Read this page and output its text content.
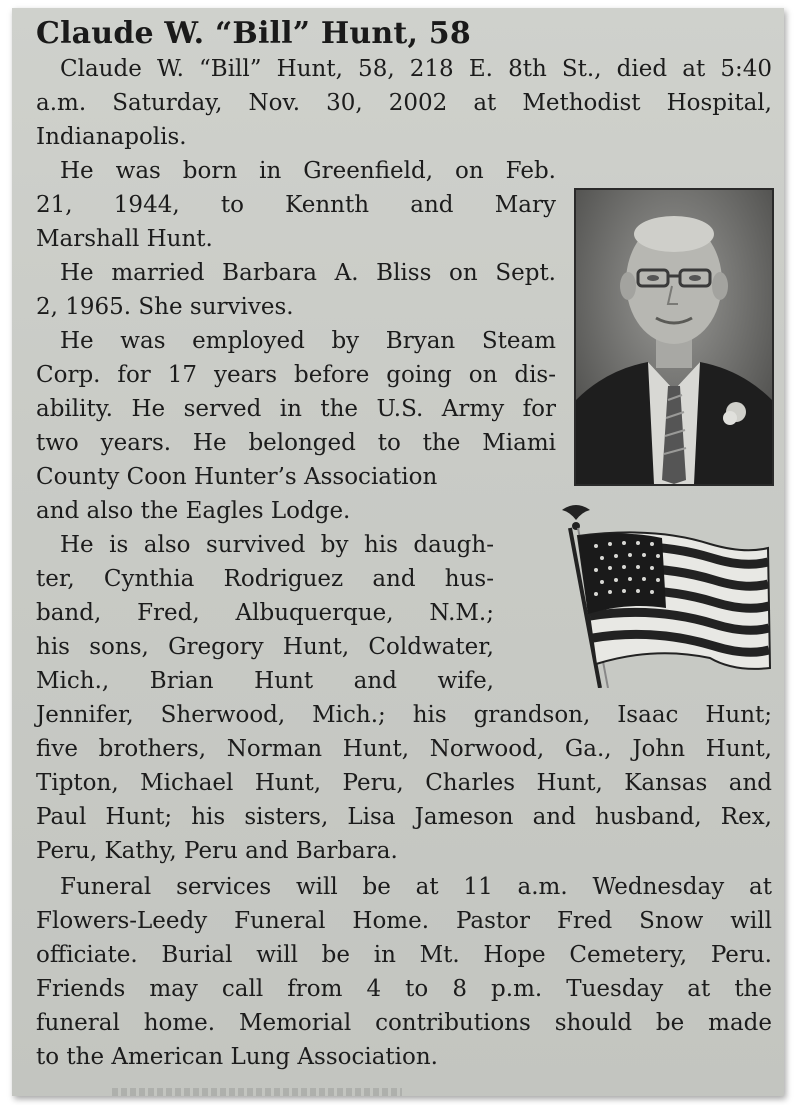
Claude W. “Bill” Hunt, 58
Claude W. “Bill” Hunt, 58, 218 E. 8th St., died at 5:40
a.m. Saturday, Nov. 30, 2002 at Methodist Hospital,
Indianapolis.
He was born in Greenfield, on Feb.
21, 1944, to Kennth and Mary
Marshall Hunt.
He married Barbara A. Bliss on Sept.
2, 1965. She survives.
He was employed by Bryan Steam
Corp. for 17 years before going on dis-
ability. He served in the U.S. Army for
two years. He belonged to the Miami
County Coon Hunter’s Association
and also the Eagles Lodge.
He is also survived by his daugh-
ter, Cynthia Rodriguez and hus-
band, Fred, Albuquerque, N.M.;
his sons, Gregory Hunt, Coldwater,
Mich., Brian Hunt and wife,
Jennifer, Sherwood, Mich.; his grandson, Isaac Hunt;
five brothers, Norman Hunt, Norwood, Ga., John Hunt,
Tipton, Michael Hunt, Peru, Charles Hunt, Kansas and
Paul Hunt; his sisters, Lisa Jameson and husband, Rex,
Peru, Kathy, Peru and Barbara.
Funeral services will be at 11 a.m. Wednesday at
Flowers-Leedy Funeral Home. Pastor Fred Snow will
officiate. Burial will be in Mt. Hope Cemetery, Peru.
Friends may call from 4 to 8 p.m. Tuesday at the
funeral home. Memorial contributions should be made
to the American Lung Association.
